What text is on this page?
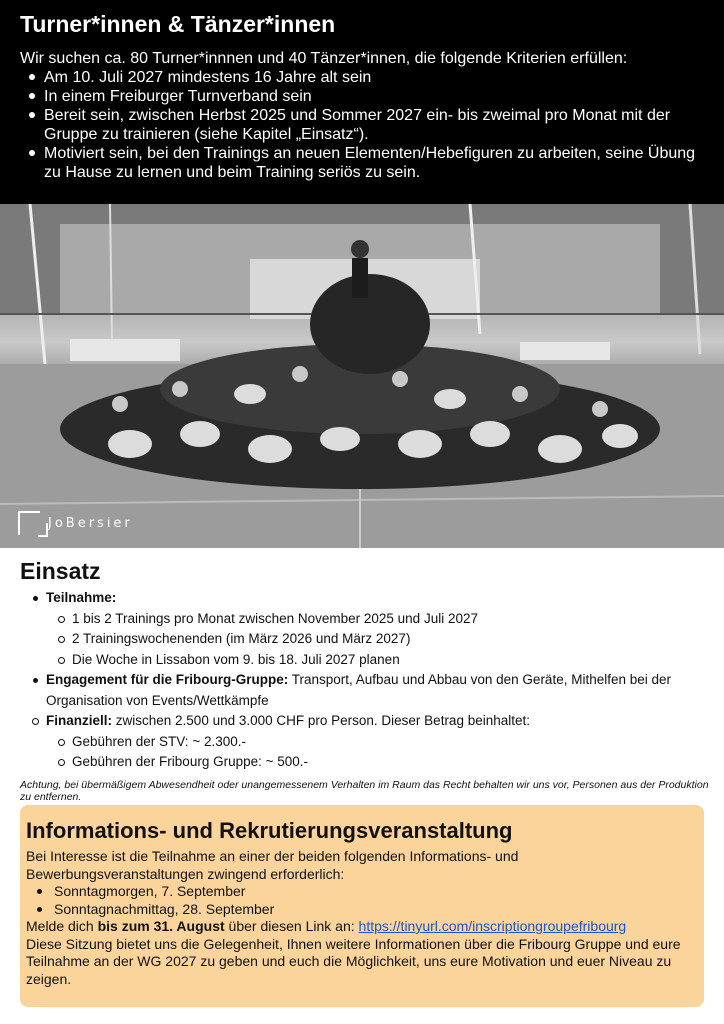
Turner*innen & Tänzer*innen

Wir suchen ca. 80 Turner*innnen und 40 Tänzer*innen, die folgende Kriterien erfüllen:

Am 10. Juli 2027 mindestens 16 Jahre alt sein
In einem Freiburger Turnverband sein
Bereit sein, zwischen Herbst 2025 und Sommer 2027 ein- bis zweimal pro Monat mit der Gruppe zu trainieren (siehe Kapitel „Einsatz“).
Motiviert sein, bei den Trainings an neuen Elementen/Hebefiguren zu arbeiten, seine Übung zu Hause zu lernen und beim Training seriös zu sein.
JoBersier
Einsatz
Teilnahme:
1 bis 2 Trainings pro Monat zwischen November 2025 und Juli 2027
2 Trainingswochenenden (im März 2026 und März 2027)
Die Woche in Lissabon vom 9. bis 18. Juli 2027 planen
Engagement für die Fribourg-Gruppe: Transport, Aufbau und Abbau von den Geräte, Mithelfen bei der Organisation von Events/Wettkämpfe
Finanziell: zwischen 2.500 und 3.000 CHF pro Person. Dieser Betrag beinhaltet:
Gebühren der STV: ~ 2.300.-
Gebühren der Fribourg Gruppe: ~ 500.-

Achtung, bei übermäßigem Abwesendheit oder unangemessenem Verhalten im Raum das Recht behalten wir uns vor, Personen aus der Produktion zu entfernen.

Informations- und Rekrutierungsveranstaltung

Bei Interesse ist die Teilnahme an einer der beiden folgenden Informations- und Bewerbungsveranstaltungen zwingend erforderlich:

Sonntagmorgen, 7. September
Sonntagnachmittag, 28. September

Melde dich bis zum 31. August über diesen Link an: https://tinyurl.com/inscriptiongroupefribourg

Diese Sitzung bietet uns die Gelegenheit, Ihnen weitere Informationen über die Fribourg Gruppe und eure Teilnahme an der WG 2027 zu geben und euch die Möglichkeit, uns eure Motivation und euer Niveau zu zeigen.
